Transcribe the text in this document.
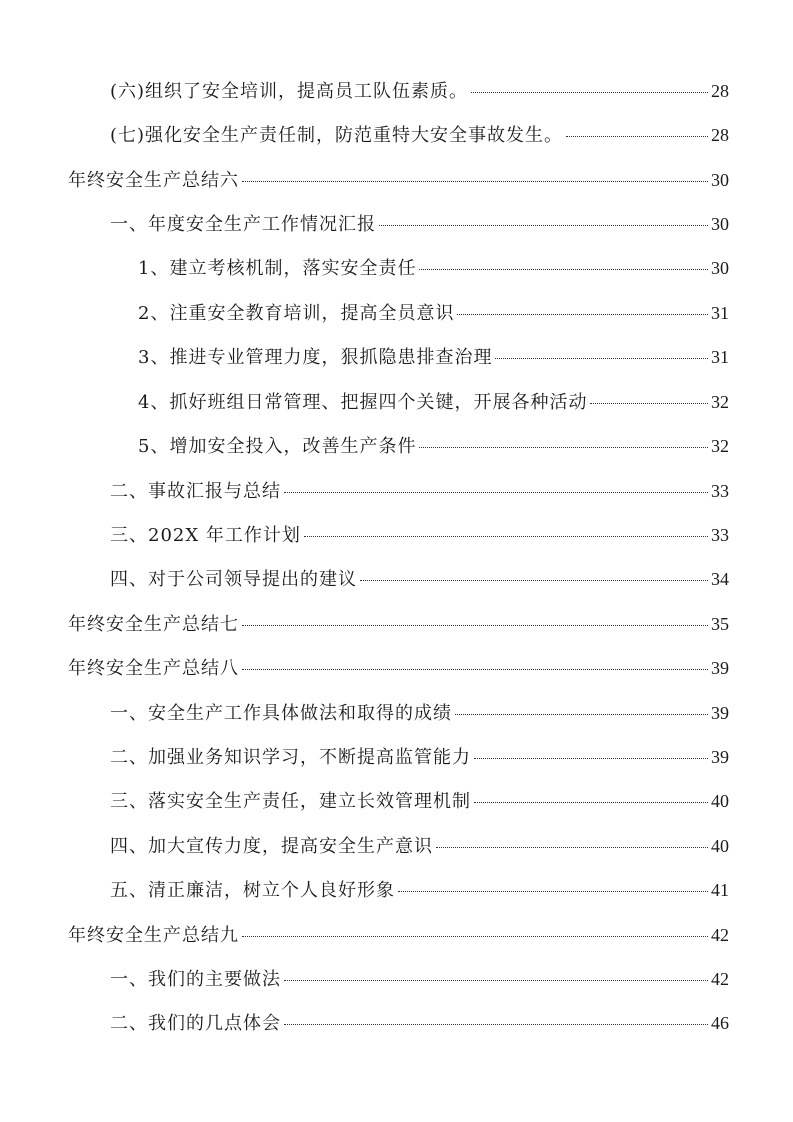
(六)组织了安全培训，提高员工队伍素质。	28
(七)强化安全生产责任制，防范重特大安全事故发生。	28
年终安全生产总结六	30
一、年度安全生产工作情况汇报	30
1、建立考核机制，落实安全责任	30
2、注重安全教育培训，提高全员意识	31
3、推进专业管理力度，狠抓隐患排查治理	31
4、抓好班组日常管理、把握四个关键，开展各种活动	32
5、增加安全投入，改善生产条件	32
二、事故汇报与总结	33
三、202X 年工作计划	33
四、对于公司领导提出的建议	34
年终安全生产总结七	35
年终安全生产总结八	39
一、安全生产工作具体做法和取得的成绩	39
二、加强业务知识学习，不断提高监管能力	39
三、落实安全生产责任，建立长效管理机制	40
四、加大宣传力度，提高安全生产意识	40
五、清正廉洁，树立个人良好形象	41
年终安全生产总结九	42
一、我们的主要做法	42
二、我们的几点体会	46
